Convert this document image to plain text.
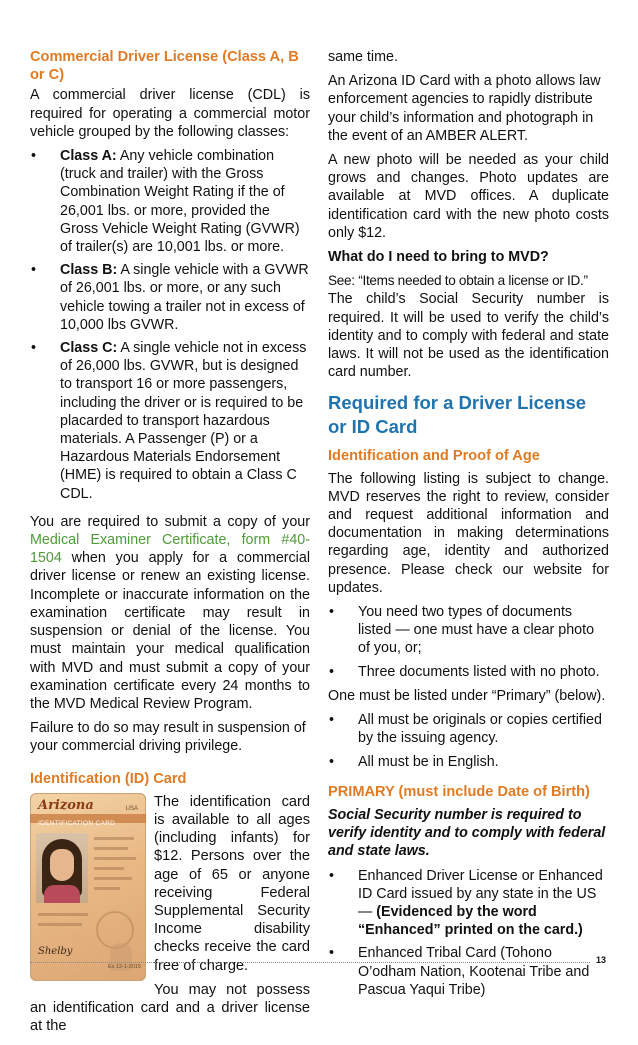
Commercial Driver License (Class A, B or C)

A commercial driver license (CDL) is required for operating a commercial motor vehicle grouped by the following classes:

• Class A: Any vehicle combination (truck and trailer) with the Gross Combination Weight Rating if the of 26,001 lbs. or more, provided the Gross Vehicle Weight Rating (GVWR) of trailer(s) are 10,001 lbs. or more.
• Class B: A single vehicle with a GVWR of 26,001 lbs. or more, or any such vehicle towing a trailer not in excess of 10,000 lbs GVWR.
• Class C: A single vehicle not in excess of 26,000 lbs. GVWR, but is designed to transport 16 or more passengers, including the driver or is required to be placarded to transport hazardous materials. A Passenger (P) or a Hazardous Materials Endorsement (HME) is required to obtain a Class C CDL.

You are required to submit a copy of your Medical Examiner Certificate, form #40-1504 when you apply for a commercial driver license or renew an existing license. Incomplete or inaccurate information on the examination certificate may result in suspension or denial of the license. You must maintain your medical qualification with MVD and must submit a copy of your examination certificate every 24 months to the MVD Medical Review Program.

Failure to do so may result in suspension of your commercial driving privilege.

Identification (ID) Card
Arizona	USA
IDENTIFICATION CARD
Shelby
Ex 12-1-2015

The identification card is available to all ages (including infants) for $12. Persons over the age of 65 or anyone receiving Federal Supplemental Security Income disability checks receive the card free of charge.

You may not possess an identification card and a driver license at the

same time.

An Arizona ID Card with a photo allows law enforcement agencies to rapidly distribute your child’s information and photograph in the event of an AMBER ALERT.

A new photo will be needed as your child grows and changes. Photo updates are available at MVD offices. A duplicate identification card with the new photo costs only $12.

What do I need to bring to MVD?

See: “Items needed to obtain a license or ID.”

The child’s Social Security number is required. It will be used to verify the child’s identity and to comply with federal and state laws. It will not be used as the identification card number.

Required for a Driver License or ID Card
Identification and Proof of Age

The following listing is subject to change. MVD reserves the right to review, consider and request additional information and documentation in making determinations regarding age, identity and authorized presence. Please check our website for updates.

• You need two types of documents listed — one must have a clear photo of you, or;
• Three documents listed with no photo.

One must be listed under “Primary” (below).

• All must be originals or copies certified by the issuing agency.
• All must be in English.
PRIMARY (must include Date of Birth)

Social Security number is required to verify identity and to comply with federal and state laws.

• Enhanced Driver License or Enhanced ID Card issued by any state in the US — (Evidenced by the word “Enhanced” printed on the card.)
• Enhanced Tribal Card (Tohono O’odham Nation, Kootenai Tribe and Pascua Yaqui Tribe)
13
